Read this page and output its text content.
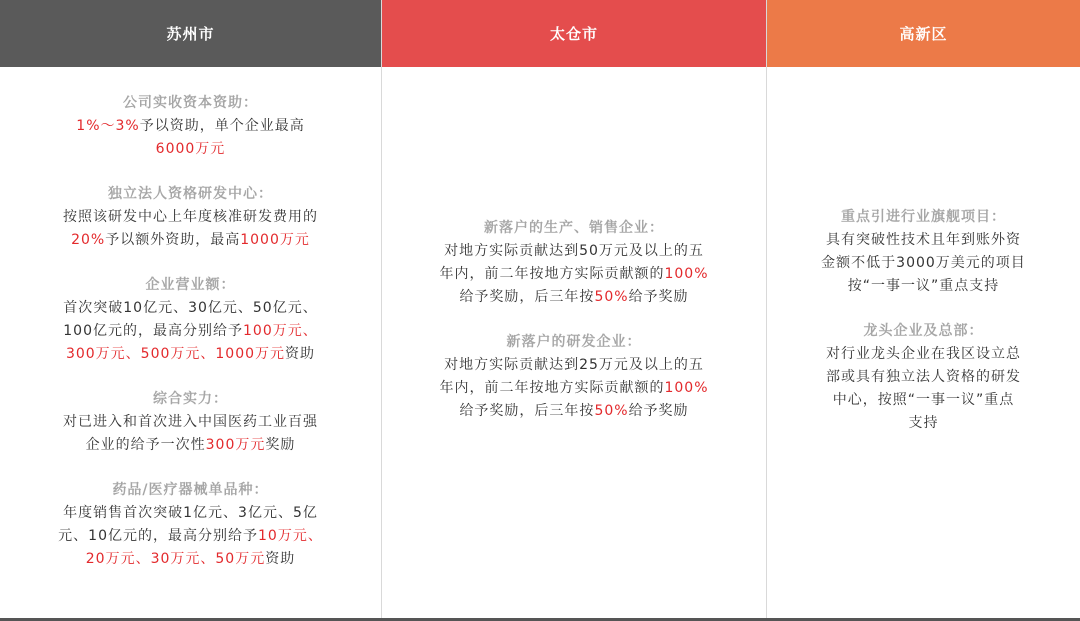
苏州市
公司实收资本资助：
1%～3%予以资助，单个企业最高
6000万元
独立法人资格研发中心：
按照该研发中心上年度核准研发费用的
20%予以额外资助，最高1000万元
企业营业额：
首次突破10亿元、30亿元、50亿元、
100亿元的，最高分别给予100万元、
300万元、500万元、1000万元资助
综合实力：
对已进入和首次进入中国医药工业百强
企业的给予一次性300万元奖励
药品/医疗器械单品种：
年度销售首次突破1亿元、3亿元、5亿
元、10亿元的，最高分别给予10万元、
20万元、30万元、50万元资助
太仓市
新落户的生产、销售企业：
对地方实际贡献达到50万元及以上的五
年内，前二年按地方实际贡献额的100%
给予奖励，后三年按50%给予奖励
新落户的研发企业：
对地方实际贡献达到25万元及以上的五
年内，前二年按地方实际贡献额的100%
给予奖励，后三年按50%给予奖励
高新区
重点引进行业旗舰项目：
具有突破性技术且年到账外资
金额不低于3000万美元的项目
按“一事一议”重点支持
龙头企业及总部：
对行业龙头企业在我区设立总
部或具有独立法人资格的研发
中心，按照“一事一议”重点
支持
